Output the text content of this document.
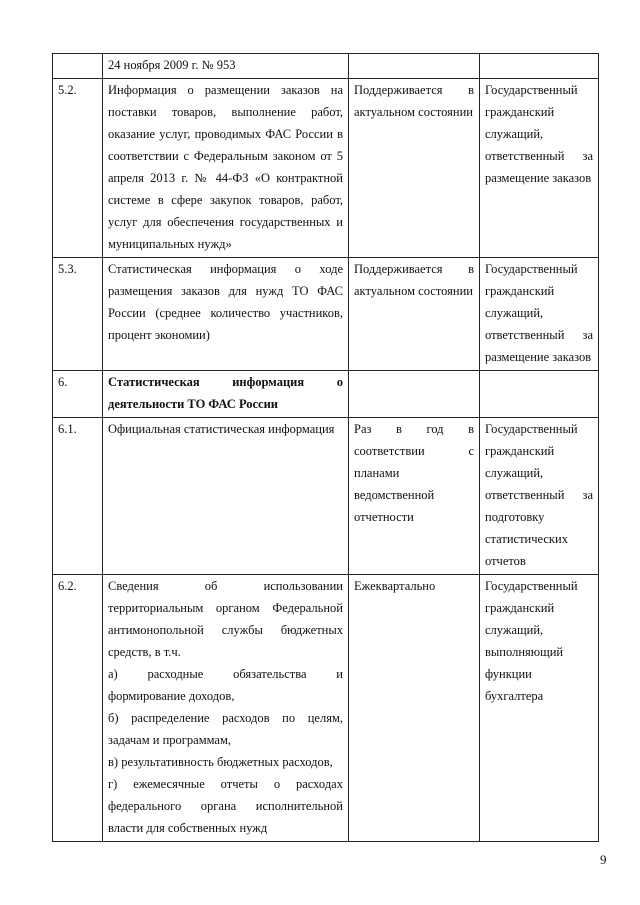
	24 ноября 2009 г. № 953		
5.2.	Информация о размещении заказов на поставки товаров, выполнение работ, оказание услуг, проводимых ФАС России в соответствии с Федеральным законом от 5 апреля 2013 г. № 44-ФЗ «О контрактной системе в сфере закупок товаров, работ, услуг для обеспечения государственных и муниципальных нужд»	Поддерживается в актуальном состоянии	Государственный гражданский служащий, ответственный за размещение заказов
5.3.	Статистическая информация о ходе размещения заказов для нужд ТО ФАС России (среднее количество участников, процент экономии)	Поддерживается в актуальном состоянии	Государственный гражданский служащий, ответственный за размещение заказов
6.	Статистическая информация о деятельности ТО ФАС России		
6.1.	Официальная статистическая информация	Раз в год в соответствии с планами ведомственной отчетности	Государственный гражданский служащий, ответственный за подготовку статистических отчетов
6.2.	Сведения об использовании территориальным органом Федеральной антимонопольной службы бюджетных средств, в т.ч.
а) расходные обязательства и формирование доходов,
б) распределение расходов по целям, задачам и программам,
в) результативность бюджетных расходов,
г) ежемесячные отчеты о расходах федерального органа исполнительной власти для собственных нужд	Ежеквартально	Государственный гражданский служащий, выполняющий функции бухгалтера
9
